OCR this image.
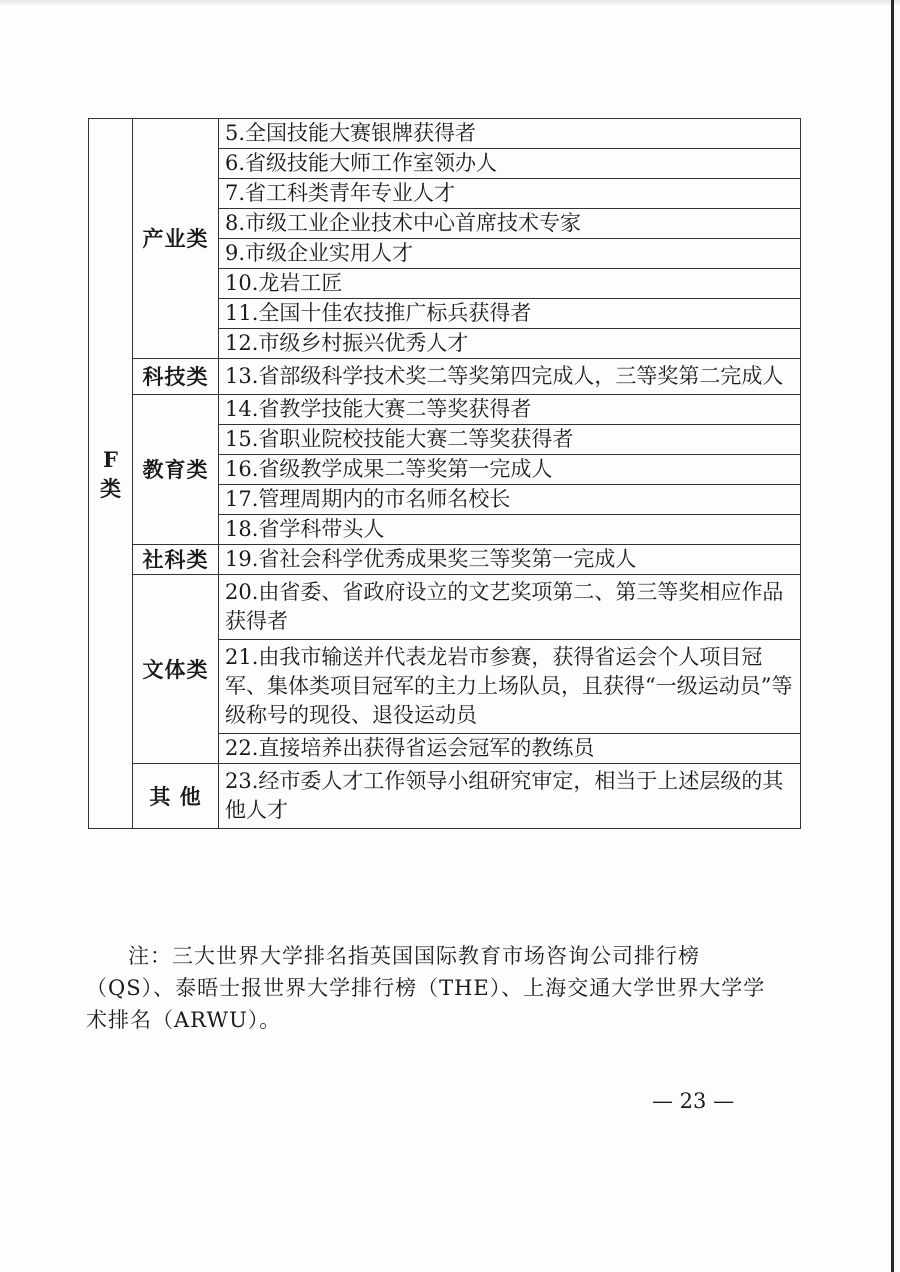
F类	产业类	5.全国技能大赛银牌获得者
		6.省级技能大师工作室领办人
		7.省工科类青年专业人才
		8.市级工业企业技术中心首席技术专家
		9.市级企业实用人才
		10.龙岩工匠
		11.全国十佳农技推广标兵获得者
		12.市级乡村振兴优秀人才
	科技类	13.省部级科学技术奖二等奖第四完成人，三等奖第二完成人
	教育类	14.省教学技能大赛二等奖获得者
		15.省职业院校技能大赛二等奖获得者
		16.省级教学成果二等奖第一完成人
		17.管理周期内的市名师名校长
		18.省学科带头人
	社科类	19.省社会科学优秀成果奖三等奖第一完成人
	文体类	20.由省委、省政府设立的文艺奖项第二、第三等奖相应作品获得者
		21.由我市输送并代表龙岩市参赛，获得省运会个人项目冠军、集体类项目冠军的主力上场队员，且获得“一级运动员”等级称号的现役、退役运动员
		22.直接培养出获得省运会冠军的教练员
	其 他	23.经市委人才工作领导小组研究审定，相当于上述层级的其他人才
注：三大世界大学排名指英国国际教育市场咨询公司排行榜（QS）、泰晤士报世界大学排行榜（THE）、上海交通大学世界大学学术排名（ARWU）。
— 23 —
